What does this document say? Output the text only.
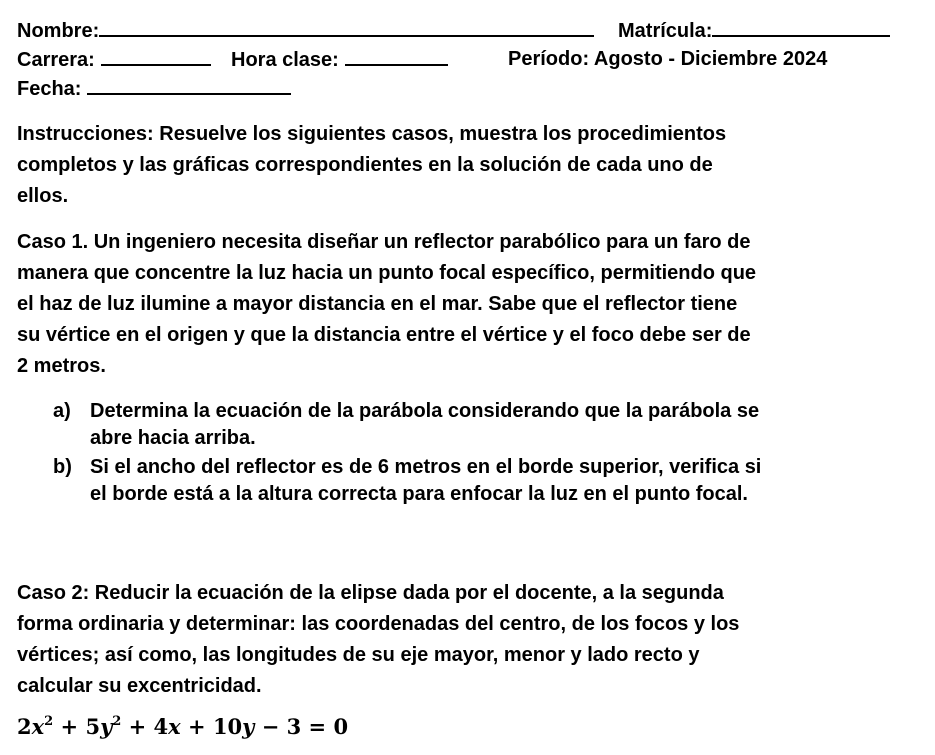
Nombre:	Matrícula:
Carrera:	Hora clase:	Período: Agosto - Diciembre 2024
Fecha:
Instrucciones: Resuelve los siguientes casos, muestra los procedimientos
completos y las gráficas correspondientes en la solución de cada uno de
ellos.
Caso 1. Un ingeniero necesita diseñar un reflector parabólico para un faro de
manera que concentre la luz hacia un punto focal específico, permitiendo que
el haz de luz ilumine a mayor distancia en el mar. Sabe que el reflector tiene
su vértice en el origen y que la distancia entre el vértice y el foco debe ser de
2 metros.
a) Determina la ecuación de la parábola considerando que la parábola se
abre hacia arriba.
b) Si el ancho del reflector es de 6 metros en el borde superior, verifica si
el borde está a la altura correcta para enfocar la luz en el punto focal.
Caso 2: Reducir la ecuación de la elipse dada por el docente, a la segunda
forma ordinaria y determinar: las coordenadas del centro, de los focos y los
vértices; así como, las longitudes de su eje mayor, menor y lado recto y
calcular su excentricidad.
$2x^2 + 5y^2 + 4x + 10y - 3 = 0$
